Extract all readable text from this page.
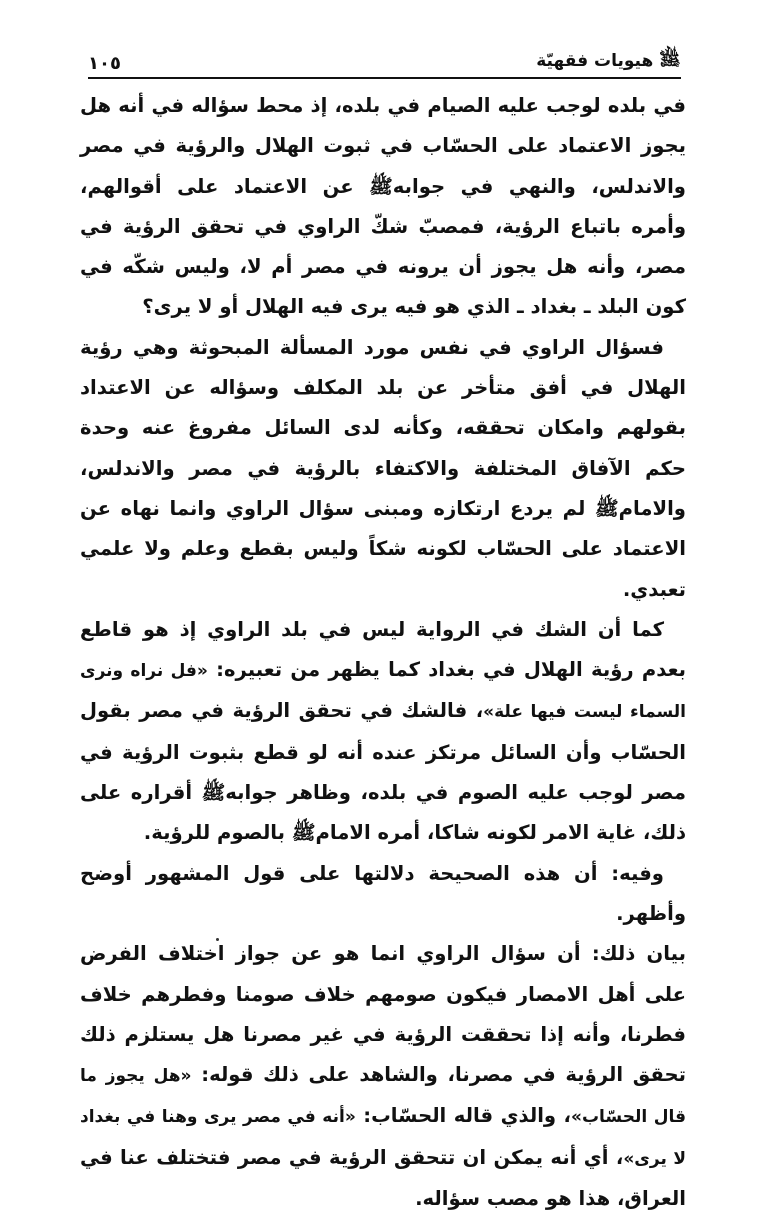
ﷺ
هيويات فقهيّة
١٠٥

في بلده لوجب عليه الصيام في بلده، إذ محط سؤاله في أنه هل يجوز الاعتماد على الحسّاب في ثبوت الهلال والرؤية في مصر والاندلس، والنهي في جوابهﷺ عن الاعتماد على أقوالهم، وأمره باتباع الرؤية، فمصبّ شكّ الراوي في تحقق الرؤية في مصر، وأنه هل يجوز أن يرونه في مصر أم لا، وليس شكّه في كون البلد ـ بغداد ـ الذي هو فيه يرى فيه الهلال أو لا يرى؟

فسؤال الراوي في نفس مورد المسألة المبحوثة وهي رؤية الهلال في أفق متأخر عن بلد المكلف وسؤاله عن الاعتداد بقولهم وامكان تحققه، وكأنه لدى السائل مفروغ عنه وحدة حكم الآفاق المختلفة والاكتفاء بالرؤية في مصر والاندلس، والامامﷺ لم يردع ارتكازه ومبنى سؤال الراوي وانما نهاه عن الاعتماد على الحسّاب لكونه شكاً وليس بقطع وعلم ولا علمي تعبدي.

كما أن الشك في الرواية ليس في بلد الراوي إذ هو قاطع بعدم رؤية الهلال في بغداد كما يظهر من تعبيره: «فل نراه ونرى السماء ليست فيها علة»، فالشك في تحقق الرؤية في مصر بقول الحسّاب وأن السائل مرتكز عنده أنه لو قطع بثبوت الرؤية في مصر لوجب عليه الصوم في بلده، وظاهر جوابهﷺ أقراره على ذلك، غاية الامر لكونه شاكا، أمره الامامﷺ بالصوم للرؤية.

وفيه: أن هذه الصحيحة دلالتها على قول المشهور أوضح وأظهر.

بيان ذلك: أن سؤال الراوي انما هو عن جواز اختلاف الفرض على أهل الامصار فيكون صومهم خلاف صومنا وفطرهم خلاف فطرنا، وأنه إذا تحققت الرؤية في غير مصرنا هل يستلزم ذلك تحقق الرؤية في مصرنا، والشاهد على ذلك قوله: «هل يجوز ما قال الحسّاب»، والذي قاله الحسّاب: «أنه في مصر يرى وهنا في بغداد لا يرى»، أي أنه يمكن ان تتحقق الرؤية في مصر فتختلف عنا في العراق، هذا هو مصب سؤاله.
